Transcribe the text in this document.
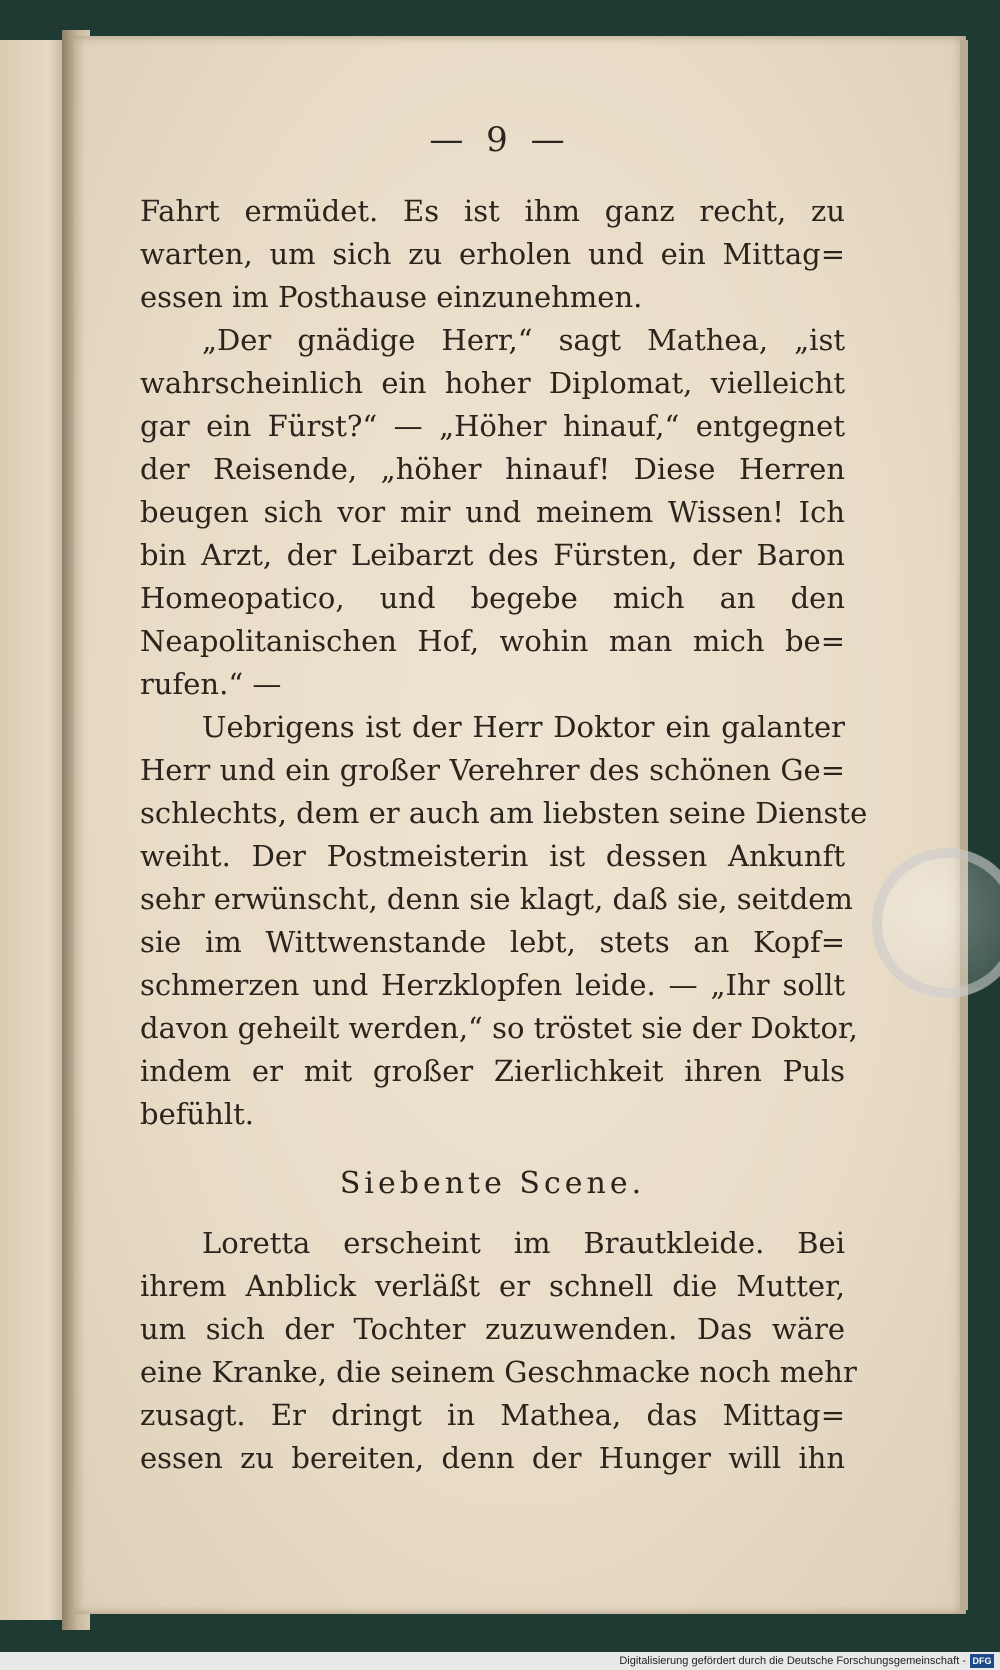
— 9 —
Fahrt ermüdet. Es ist ihm ganz recht, zu
warten, um sich zu erholen und ein Mittag=
essen im Posthause einzunehmen.
„Der gnädige Herr,“ sagt Mathea, „ist
wahrscheinlich ein hoher Diplomat, vielleicht
gar ein Fürst?“ — „Höher hinauf,“ entgegnet
der Reisende, „höher hinauf! Diese Herren
beugen sich vor mir und meinem Wissen! Ich
bin Arzt, der Leibarzt des Fürsten, der Baron
Homeopatico, und begebe mich an den
Neapolitanischen Hof, wohin man mich be=
rufen.“ —
Uebrigens ist der Herr Doktor ein galanter
Herr und ein großer Verehrer des schönen Ge=
schlechts, dem er auch am liebsten seine Dienste
weiht. Der Postmeisterin ist dessen Ankunft
sehr erwünscht, denn sie klagt, daß sie, seitdem
sie im Wittwenstande lebt, stets an Kopf=
schmerzen und Herzklopfen leide. — „Ihr sollt
davon geheilt werden,“ so tröstet sie der Doktor,
indem er mit großer Zierlichkeit ihren Puls
befühlt.
Siebente Scene.
Loretta erscheint im Brautkleide. Bei
ihrem Anblick verläßt er schnell die Mutter,
um sich der Tochter zuzuwenden. Das wäre
eine Kranke, die seinem Geschmacke noch mehr
zusagt. Er dringt in Mathea, das Mittag=
essen zu bereiten, denn der Hunger will ihn
Digitalisierung gefördert durch die Deutsche Forschungsgemeinschaft - DFG
